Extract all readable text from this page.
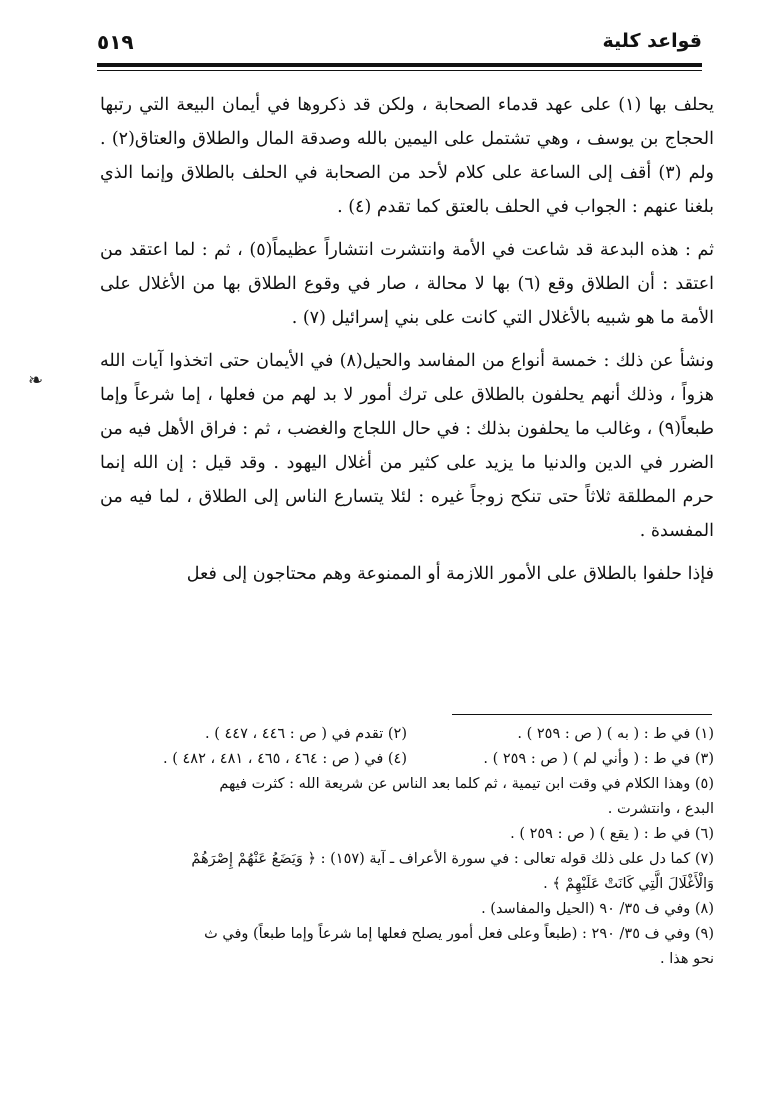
قواعد كلية
٥١٩

يحلف بها (١) على عهد قدماء الصحابة ، ولكن قد ذكروها في أيمان البيعة التي رتبها الحجاج بن يوسف ، وهي تشتمل على اليمين بالله وصدقة المال والطلاق والعتاق(٢) . ولم (٣) أقف إلى الساعة على كلام لأحد من الصحابة في الحلف بالطلاق وإنما الذي بلغنا عنهم : الجواب في الحلف بالعتق كما تقدم (٤) .

ثم : هذه البدعة قد شاعت في الأمة وانتشرت انتشاراً عظيماً(٥) ، ثم : لما اعتقد من اعتقد : أن الطلاق وقع (٦) بها لا محالة ، صار في وقوع الطلاق بها من الأغلال على الأمة ما هو شبيه بالأغلال التي كانت على بني إسرائيل (٧) .

ونشأ عن ذلك : خمسة أنواع من المفاسد والحيل(٨) في الأيمان حتى اتخذوا آيات الله هزواً ، وذلك أنهم يحلفون بالطلاق على ترك أمور لا بد لهم من فعلها ، إما شرعاً وإما طبعاً(٩) ، وغالب ما يحلفون بذلك : في حال اللجاج والغضب ، ثم : فراق الأهل فيه من الضرر في الدين والدنيا ما يزيد على كثير من أغلال اليهود . وقد قيل : إن الله إنما حرم المطلقة ثلاثاً حتى تنكح زوجاً غيره : لئلا يتسارع الناس إلى الطلاق ، لما فيه من المفسدة .

فإذا حلفوا بالطلاق على الأمور اللازمة أو الممنوعة وهم محتاجون إلى فعل

❧
(١) في ط : ( به ) ( ص : ٢٥٩ ) .
(٢) تقدم في ( ص : ٤٤٦ ، ٤٤٧ ) .
(٣) في ط : ( وأني لم ) ( ص : ٢٥٩ ) .
(٤) في ( ص : ٤٦٤ ، ٤٦٥ ، ٤٨١ ، ٤٨٢ ) .
(٥) وهذا الكلام في وقت ابن تيمية ، ثم كلما بعد الناس عن شريعة الله : كثرت فيهم
البدع ، وانتشرت .
(٦) في ط : ( يقع ) ( ص : ٢٥٩ ) .
(٧) كما دل على ذلك قوله تعالى : في سورة الأعراف ـ آية (١٥٧) : ﴿ وَيَضَعُ عَنْهُمْ إِصْرَهُمْ
وَالْأَغْلَالَ الَّتِي كَانَتْ عَلَيْهِمْ ﴾ .
(٨) وفي ف ٣٥/ ٩٠ (الحيل والمفاسد) .
(٩) وفي ف ٣٥/ ٢٩٠ : (طبعاً وعلى فعل أمور يصلح فعلها إما شرعاً وإما طبعاً) وفي ث
نحو هذا .
